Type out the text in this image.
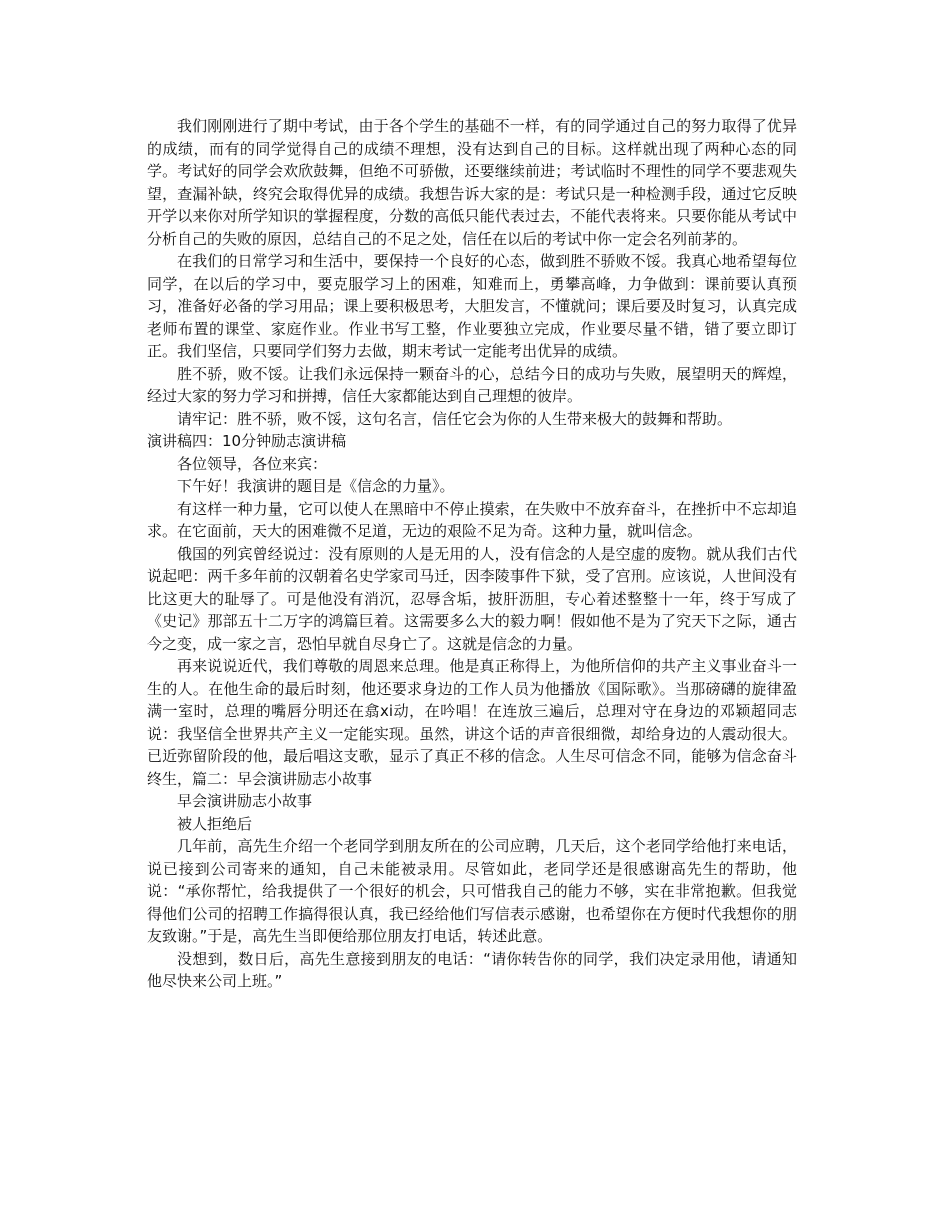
我们刚刚进行了期中考试，由于各个学生的基础不一样，有的同学通过自己的努力取得了优异的成绩，而有的同学觉得自己的成绩不理想，没有达到自己的目标。这样就出现了两种心态的同学。考试好的同学会欢欣鼓舞，但绝不可骄傲，还要继续前进；考试临时不理性的同学不要悲观失望，查漏补缺，终究会取得优异的成绩。我想告诉大家的是：考试只是一种检测手段，通过它反映开学以来你对所学知识的掌握程度，分数的高低只能代表过去，不能代表将来。只要你能从考试中分析自己的失败的原因，总结自己的不足之处，信任在以后的考试中你一定会名列前茅的。

在我们的日常学习和生活中，要保持一个良好的心态，做到胜不骄败不馁。我真心地希望每位同学，在以后的学习中，要克服学习上的困难，知难而上，勇攀高峰，力争做到：课前要认真预习，准备好必备的学习用品；课上要积极思考，大胆发言，不懂就问；课后要及时复习，认真完成老师布置的课堂、家庭作业。作业书写工整，作业要独立完成，作业要尽量不错，错了要立即订正。我们坚信，只要同学们努力去做，期末考试一定能考出优异的成绩。

胜不骄，败不馁。让我们永远保持一颗奋斗的心，总结今日的成功与失败，展望明天的辉煌，经过大家的努力学习和拼搏，信任大家都能达到自己理想的彼岸。

请牢记：胜不骄，败不馁，这句名言，信任它会为你的人生带来极大的鼓舞和帮助。

演讲稿四：10分钟励志演讲稿

各位领导，各位来宾：

下午好！我演讲的题目是《信念的力量》。

有这样一种力量，它可以使人在黑暗中不停止摸索，在失败中不放弃奋斗，在挫折中不忘却追求。在它面前，天大的困难微不足道，无边的艰险不足为奇。这种力量，就叫信念。

俄国的列宾曾经说过：没有原则的人是无用的人，没有信念的人是空虚的废物。就从我们古代说起吧：两千多年前的汉朝着名史学家司马迁，因李陵事件下狱，受了宫刑。应该说，人世间没有比这更大的耻辱了。可是他没有消沉，忍辱含垢，披肝沥胆，专心着述整整十一年，终于写成了《史记》那部五十二万字的鸿篇巨着。这需要多么大的毅力啊！假如他不是为了究天下之际，通古今之变，成一家之言，恐怕早就自尽身亡了。这就是信念的力量。

再来说说近代，我们尊敬的周恩来总理。他是真正称得上，为他所信仰的共产主义事业奋斗一生的人。在他生命的最后时刻，他还要求身边的工作人员为他播放《国际歌》。当那磅礴的旋律盈满一室时，总理的嘴唇分明还在翕xi动，在吟唱！在连放三遍后，总理对守在身边的邓颖超同志说：我坚信全世界共产主义一定能实现。虽然，讲这个话的声音很细微，却给身边的人震动很大。已近弥留阶段的他，最后唱这支歌，显示了真正不移的信念。人生尽可信念不同，能够为信念奋斗终生，篇二：早会演讲励志小故事

早会演讲励志小故事

被人拒绝后

几年前，高先生介绍一个老同学到朋友所在的公司应聘，几天后，这个老同学给他打来电话，说已接到公司寄来的通知，自己未能被录用。尽管如此，老同学还是很感谢高先生的帮助，他说：“承你帮忙，给我提供了一个很好的机会，只可惜我自己的能力不够，实在非常抱歉。但我觉得他们公司的招聘工作搞得很认真，我已经给他们写信表示感谢，也希望你在方便时代我想你的朋友致谢。”于是，高先生当即便给那位朋友打电话，转述此意。

没想到，数日后，高先生意接到朋友的电话：“请你转告你的同学，我们决定录用他，请通知他尽快来公司上班。”
